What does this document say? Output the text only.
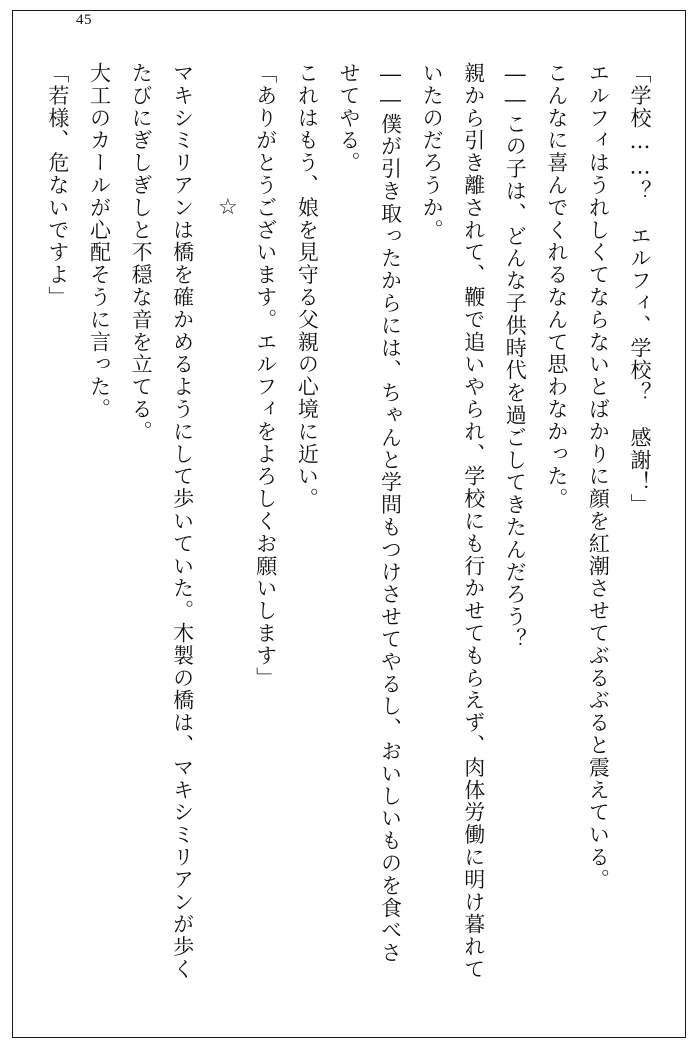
45

「学校……？　エルフィ、学校？　感謝！」

エルフィはうれしくてならないとばかりに顔を紅潮させてぶるぶると震えている。

こんなに喜んでくれるなんて思わなかった。

――この子は、どんな子供時代を過ごしてきたんだろう？

親から引き離されて、鞭で追いやられ、学校にも行かせてもらえず、肉体労働に明け暮れていたのだろうか。

――僕が引き取ったからには、ちゃんと学問もつけさせてやるし、おいしいものを食べさせてやる。

これはもう、娘を見守る父親の心境に近い。

「ありがとうございます。エルフィをよろしくお願いします」

マキシミリアンは橋を確かめるようにして歩いていた。木製の橋は、マキシミリアンが歩くたびにぎしぎしと不穏な音を立てる。

大工のカールが心配そうに言った。

「若様、危ないですよ」	☆
